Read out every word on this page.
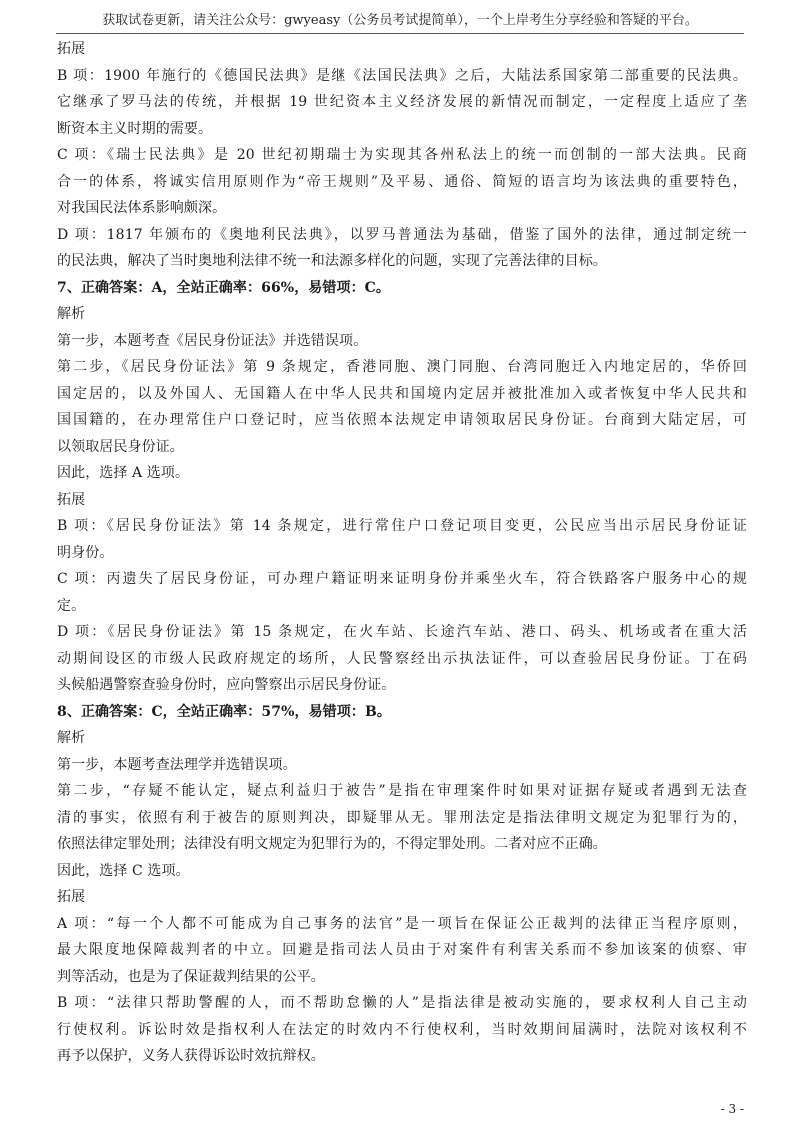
获取试卷更新，请关注公众号：gwyeasy（公务员考试提简单），一个上岸考生分享经验和答疑的平台。
拓展
B 项：1900 年施行的《德国民法典》是继《法国民法典》之后，大陆法系国家第二部重要的民法典。
它继承了罗马法的传统，并根据 19 世纪资本主义经济发展的新情况而制定，一定程度上适应了垄
断资本主义时期的需要。
C 项：《瑞士民法典》是 20 世纪初期瑞士为实现其各州私法上的统一而创制的一部大法典。民商
合一的体系，将诚实信用原则作为“帝王规则”及平易、通俗、简短的语言均为该法典的重要特色，
对我国民法体系影响颇深。
D 项：1817 年颁布的《奥地利民法典》，以罗马普通法为基础，借鉴了国外的法律，通过制定统一
的民法典，解决了当时奥地利法律不统一和法源多样化的问题，实现了完善法律的目标。
7、正确答案：A，全站正确率：66%，易错项：C。
解析
第一步，本题考查《居民身份证法》并选错误项。
第二步，《居民身份证法》第 9 条规定，香港同胞、澳门同胞、台湾同胞迁入内地定居的，华侨回
国定居的，以及外国人、无国籍人在中华人民共和国境内定居并被批准加入或者恢复中华人民共和
国国籍的，在办理常住户口登记时，应当依照本法规定申请领取居民身份证。台商到大陆定居，可
以领取居民身份证。
因此，选择 A 选项。
拓展
B 项：《居民身份证法》第 14 条规定，进行常住户口登记项目变更，公民应当出示居民身份证证
明身份。
C 项：丙遗失了居民身份证，可办理户籍证明来证明身份并乘坐火车，符合铁路客户服务中心的规
定。
D 项：《居民身份证法》第 15 条规定，在火车站、长途汽车站、港口、码头、机场或者在重大活
动期间设区的市级人民政府规定的场所，人民警察经出示执法证件，可以查验居民身份证。丁在码
头候船遇警察查验身份时，应向警察出示居民身份证。
8、正确答案：C，全站正确率：57%，易错项：B。
解析
第一步，本题考查法理学并选错误项。
第二步，“存疑不能认定，疑点利益归于被告”是指在审理案件时如果对证据存疑或者遇到无法查
清的事实，依照有利于被告的原则判决，即疑罪从无。罪刑法定是指法律明文规定为犯罪行为的，
依照法律定罪处刑；法律没有明文规定为犯罪行为的，不得定罪处刑。二者对应不正确。
因此，选择 C 选项。
拓展
A 项：“每一个人都不可能成为自己事务的法官”是一项旨在保证公正裁判的法律正当程序原则，
最大限度地保障裁判者的中立。回避是指司法人员由于对案件有利害关系而不参加该案的侦察、审
判等活动，也是为了保证裁判结果的公平。
B 项：“法律只帮助警醒的人，而不帮助怠懒的人”是指法律是被动实施的，要求权利人自己主动
行使权利。诉讼时效是指权利人在法定的时效内不行使权利，当时效期间届满时，法院对该权利不
再予以保护，义务人获得诉讼时效抗辩权。
- 3 -
